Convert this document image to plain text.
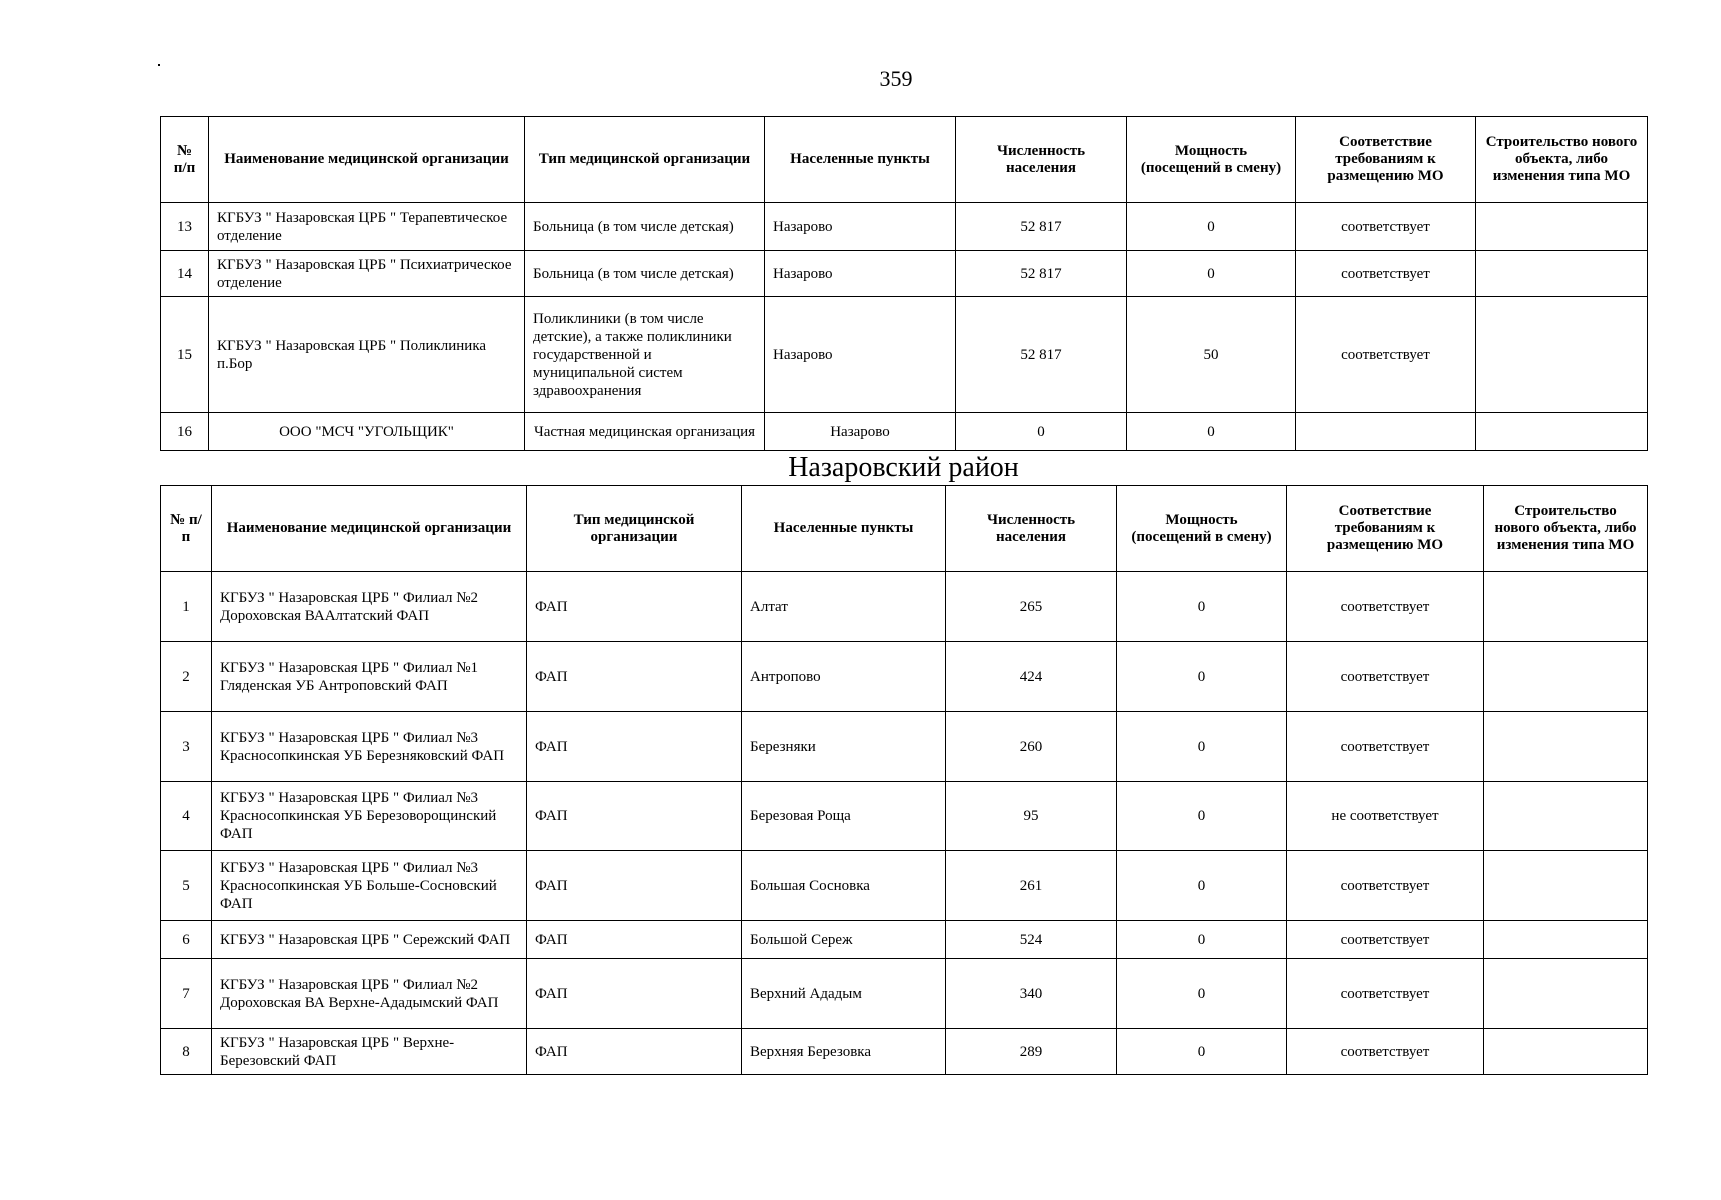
359
№ п/п	Наименование медицинской организации	Тип медицинской организации	Населенные пункты	Численность населения	Мощность (посещений в смену)	Соответствие требованиям к размещению МО	Строительство нового объекта, либо изменения типа МО
13	КГБУЗ " Назаровская ЦРБ " Терапевтическое отделение	Больница (в том числе детская)	Назарово	52 817	0	соответствует	
14	КГБУЗ " Назаровская ЦРБ " Психиатрическое отделение	Больница (в том числе детская)	Назарово	52 817	0	соответствует	
15	КГБУЗ " Назаровская ЦРБ " Поликлиника п.Бор	Поликлиники (в том числе детские), а также поликлиники государственной и муниципальной систем здравоохранения	Назарово	52 817	50	соответствует	
16	ООО "МСЧ "УГОЛЬЩИК"	Частная медицинская организация	Назарово	0	0		
Назаровский район
№ п/п	Наименование медицинской организации	Тип медицинской организации	Населенные пункты	Численность населения	Мощность (посещений в смену)	Соответствие требованиям к размещению МО	Строительство нового объекта, либо изменения типа МО
1	КГБУЗ " Назаровская ЦРБ " Филиал №2 Дороховская ВААлтатский ФАП	ФАП	Алтат	265	0	соответствует	
2	КГБУЗ " Назаровская ЦРБ " Филиал №1 Гляденская УБ Антроповский ФАП	ФАП	Антропово	424	0	соответствует	
3	КГБУЗ " Назаровская ЦРБ " Филиал №3 Красносопкинская УБ Березняковский ФАП	ФАП	Березняки	260	0	соответствует	
4	КГБУЗ " Назаровская ЦРБ " Филиал №3 Красносопкинская УБ Березоворощинский ФАП	ФАП	Березовая Роща	95	0	не соответствует	
5	КГБУЗ " Назаровская ЦРБ " Филиал №3 Красносопкинская УБ Больше-Сосновский ФАП	ФАП	Большая Сосновка	261	0	соответствует	
6	КГБУЗ " Назаровская ЦРБ " Сережский ФАП	ФАП	Большой Сереж	524	0	соответствует	
7	КГБУЗ " Назаровская ЦРБ " Филиал №2 Дороховская ВА Верхне-Ададымский ФАП	ФАП	Верхний Ададым	340	0	соответствует	
8	КГБУЗ " Назаровская ЦРБ " Верхне-Березовский ФАП	ФАП	Верхняя Березовка	289	0	соответствует	
